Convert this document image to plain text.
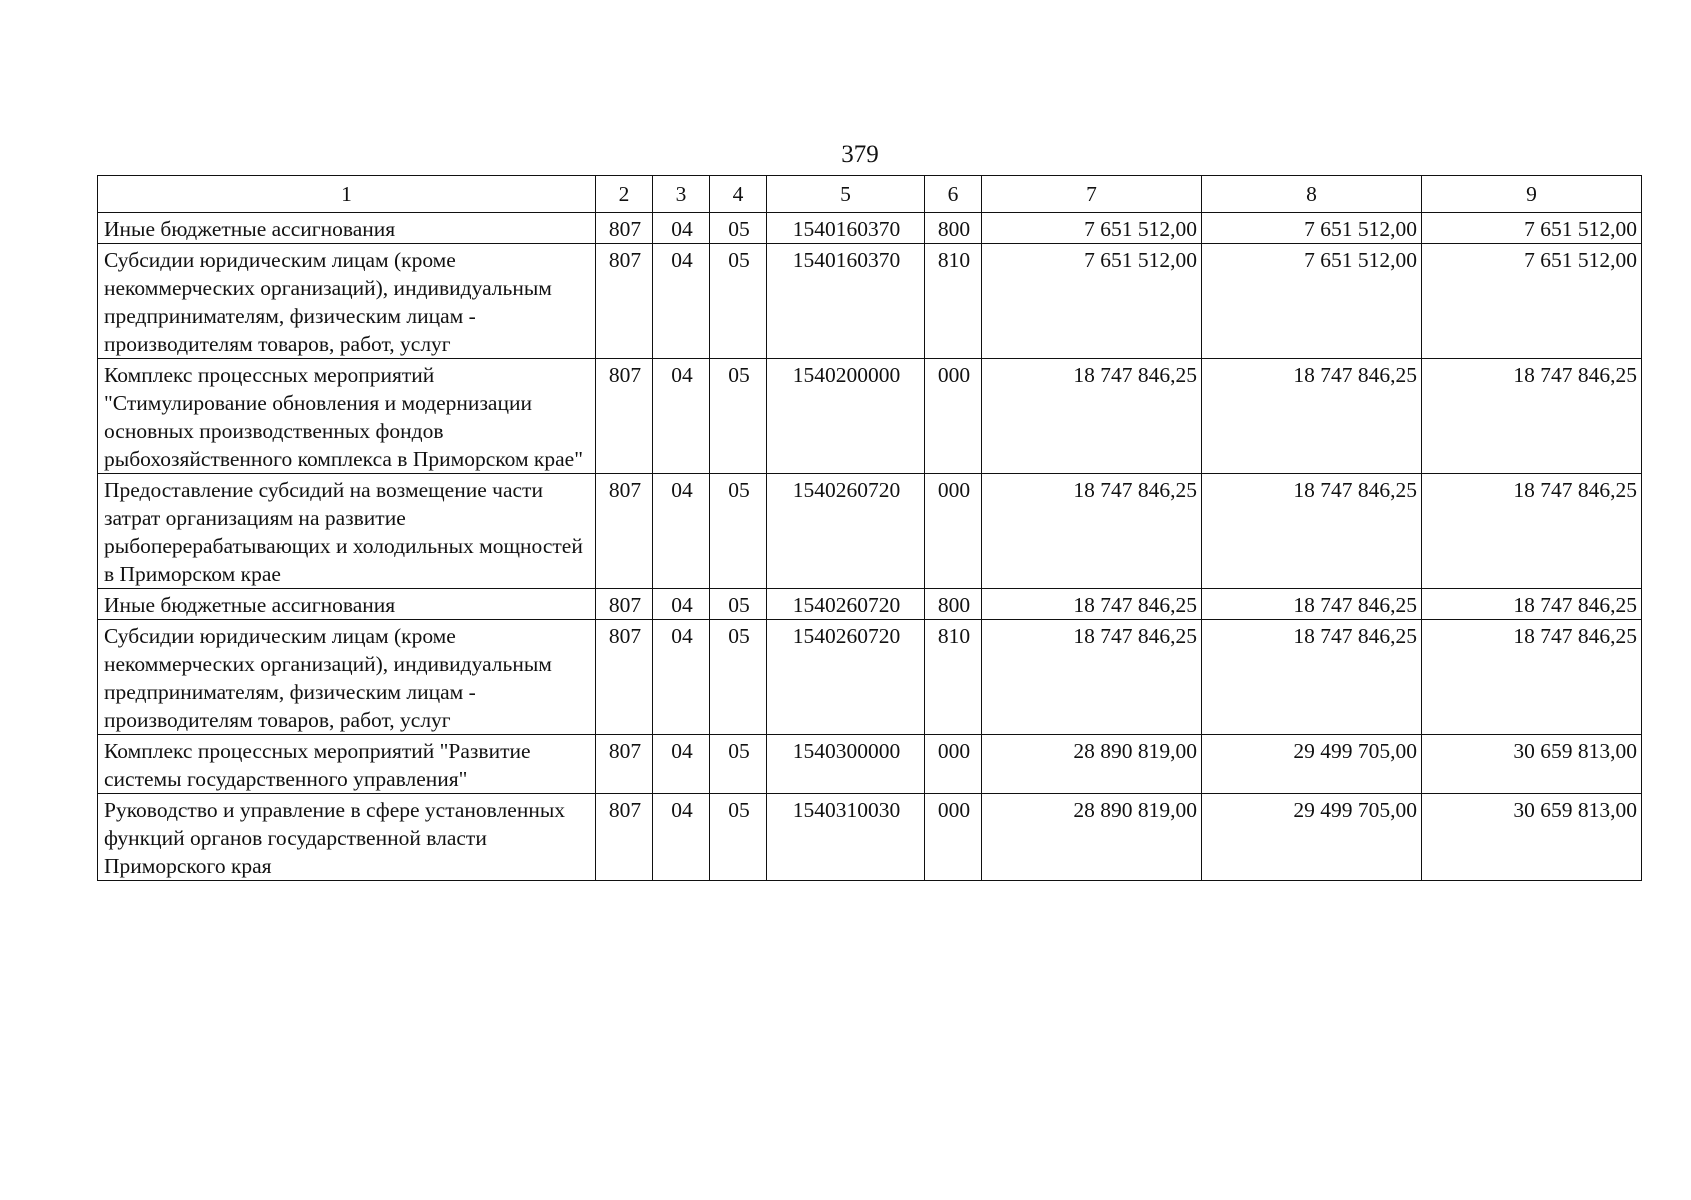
379
1	2	3	4	5	6	7	8	9
Иные бюджетные ассигнования	807	04	05	1540160370	800	7 651 512,00	7 651 512,00	7 651 512,00
Субсидии юридическим лицам (кроме некоммерческих организаций), индивидуальным предпринимателям, физическим лицам - производителям товаров, работ, услуг	807	04	05	1540160370	810	7 651 512,00	7 651 512,00	7 651 512,00
Комплекс процессных мероприятий "Стимулирование обновления и модернизации основных производственных фондов рыбохозяйственного комплекса в Приморском крае"	807	04	05	1540200000	000	18 747 846,25	18 747 846,25	18 747 846,25
Предоставление субсидий на возмещение части затрат организациям на развитие рыбоперерабатывающих и холодильных мощностей в Приморском крае	807	04	05	1540260720	000	18 747 846,25	18 747 846,25	18 747 846,25
Иные бюджетные ассигнования	807	04	05	1540260720	800	18 747 846,25	18 747 846,25	18 747 846,25
Субсидии юридическим лицам (кроме некоммерческих организаций), индивидуальным предпринимателям, физическим лицам - производителям товаров, работ, услуг	807	04	05	1540260720	810	18 747 846,25	18 747 846,25	18 747 846,25
Комплекс процессных мероприятий "Развитие системы государственного управления"	807	04	05	1540300000	000	28 890 819,00	29 499 705,00	30 659 813,00
Руководство и управление в сфере установленных функций органов государственной власти Приморского края	807	04	05	1540310030	000	28 890 819,00	29 499 705,00	30 659 813,00
